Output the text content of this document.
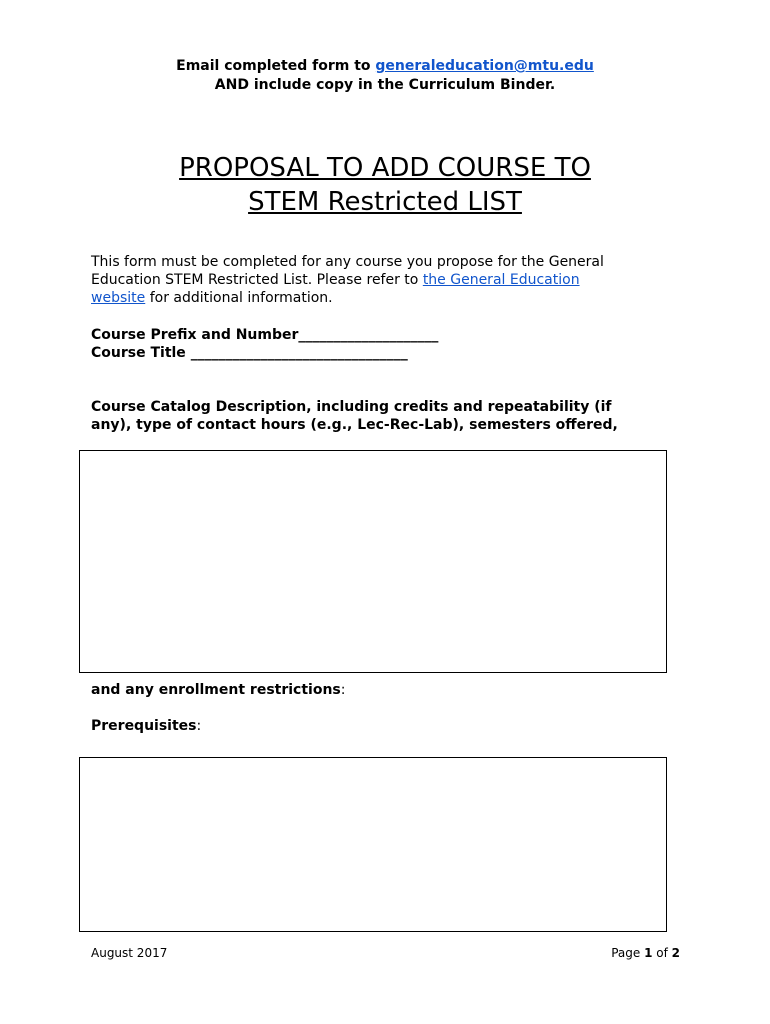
Email completed form to generaleducation@mtu.edu
AND include copy in the Curriculum Binder.
PROPOSAL TO ADD COURSE TO
STEM Restricted LIST
This form must be completed for any course you propose for the General
Education STEM Restricted List. Please refer to the General Education
website for additional information.
Course Prefix and Number____________________
Course Title _______________________________
Course Catalog Description, including credits and repeatability (if
any), type of contact hours (e.g., Lec-Rec-Lab), semesters offered,
and any enrollment restrictions:
Prerequisites:
August 2017	Page 1 of 2
